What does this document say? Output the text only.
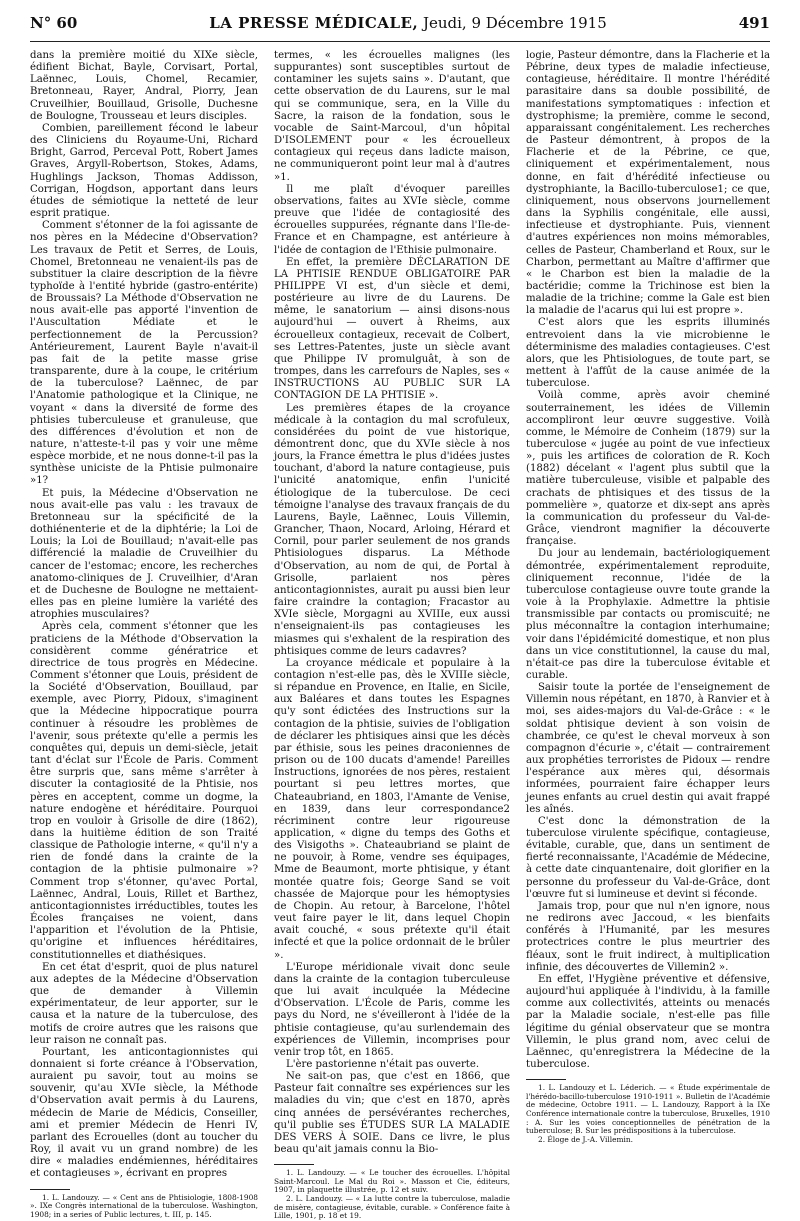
N° 60	LA PRESSE MÉDICALE, Jeudi, 9 Décembre 1915	491

dans la première moitié du XIXe siècle, édifient Bichat, Bayle, Corvisart, Portal, Laënnec, Louis, Chomel, Recamier, Bretonneau, Rayer, Andral, Piorry, Jean Cruveilhier, Bouillaud, Grisolle, Duchesne de Boulogne, Trousseau et leurs disciples.

Combien, pareillement fécond le labeur des Cliniciens du Royaume-Uni, Richard Bright, Garrod, Perceval Pott, Robert James Graves, Argyll-Robertson, Stokes, Adams, Hughlings Jackson, Thomas Addisson, Corrigan, Hogdson, apportant dans leurs études de sémiotique la netteté de leur esprit pratique.

Comment s'étonner de la foi agissante de nos pères en la Médecine d'Observation? Les travaux de Petit et Serres, de Louis, Chomel, Bretonneau ne venaient-ils pas de substituer la claire description de la fièvre typhoïde à l'entité hybride (gastro-entérite) de Broussais? La Méthode d'Observation ne nous avait-elle pas apporté l'invention de l'Auscultation Médiate et le perfectionnement de la Percussion? Antérieurement, Laurent Bayle n'avait-il pas fait de la petite masse grise transparente, dure à la coupe, le critérium de la tuberculose? Laënnec, de par l'Anatomie pathologique et la Clinique, ne voyant « dans la diversité de forme des phtisies tuberculeuse et granuleuse, que des différences d'évolution et non de nature, n'atteste-t-il pas y voir une même espèce morbide, et ne nous donne-t-il pas la synthèse uniciste de la Phtisie pulmonaire »1?

Et puis, la Médecine d'Observation ne nous avait-elle pas valu : les travaux de Bretonneau sur la spécificité de la dothiénenterie et de la diphtérie; la Loi de Louis; la Loi de Bouillaud; n'avait-elle pas différencié la maladie de Cruveilhier du cancer de l'estomac; encore, les recherches anatomo-cliniques de J. Cruveilhier, d'Aran et de Duchesne de Boulogne ne mettaient-elles pas en pleine lumière la variété des atrophies musculaires?

Après cela, comment s'étonner que les praticiens de la Méthode d'Observation la considèrent comme génératrice et directrice de tous progrès en Médecine. Comment s'étonner que Louis, président de la Société d'Observation, Bouillaud, par exemple, avec Piorry, Pidoux, s'imaginent que la Médecine hippocratique pourra continuer à résoudre les problèmes de l'avenir, sous prétexte qu'elle a permis les conquêtes qui, depuis un demi-siècle, jetait tant d'éclat sur l'École de Paris. Comment être surpris que, sans même s'arrêter à discuter la contagiosité de la Phtisie, nos pères en acceptent, comme un dogme, la nature endogène et héréditaire. Pourquoi trop en vouloir à Grisolle de dire (1862), dans la huitième édition de son Traité classique de Pathologie interne, « qu'il n'y a rien de fondé dans la crainte de la contagion de la phtisie pulmonaire »? Comment trop s'étonner, qu'avec Portal, Laënnec, Andral, Louis, Rillet et Barthez, anticontagionnistes irréductibles, toutes les Écoles françaises ne voient, dans l'apparition et l'évolution de la Phtisie, qu'origine et influences héréditaires, constitutionnelles et diathésiques.

En cet état d'esprit, quoi de plus naturel aux adeptes de la Médecine d'Observation que de demander à Villemin expérimentateur, de leur apporter, sur le causa et la nature de la tuberculose, des motifs de croire autres que les raisons que leur raison ne connaît pas.

Pourtant, les anticontagionnistes qui donnaient si forte créance à l'Observation, auraient pu savoir, tout au moins se souvenir, qu'au XVIe siècle, la Méthode d'Observation avait permis à du Laurens, médecin de Marie de Médicis, Conseiller, ami et premier Médecin de Henri IV, parlant des Ecrouelles (dont au toucher du Roy, il avait vu un grand nombre) de les dire « maladies endémiennes, héréditaires et contagieuses », écrivant en propres

1. L. Landouzy. — « Cent ans de Phtisiologie, 1808-1908 ». IXe Congrès international de la tuberculose. Washington, 1908; in a series of Public lectures, t. III, p. 145.

termes, « les écrouelles malignes (les suppurantes) sont susceptibles surtout de contaminer les sujets sains ». D'autant, que cette observation de du Laurens, sur le mal qui se communique, sera, en la Ville du Sacre, la raison de la fondation, sous le vocable de Saint-Marcoul, d'un hôpital D'ISOLEMENT pour « les écrouelleux contagieux qui reçeus dans ladicte maison, ne communiqueront point leur mal à d'autres »1.

Il me plaît d'évoquer pareilles observations, faites au XVIe siècle, comme preuve que l'idée de contagiosité des écrouelles suppurées, régnante dans l'Ile-de-France et en Champagne, est antérieure à l'idée de contagion de l'Ethisie pulmonaire.

En effet, la première DÉCLARATION DE LA PHTISIE RENDUE OBLIGATOIRE PAR PHILIPPE VI est, d'un siècle et demi, postérieure au livre de du Laurens. De même, le sanatorium — ainsi disons-nous aujourd'hui — ouvert à Rheims, aux écrouelleux contagieux, recevait de Colbert, ses Lettres-Patentes, juste un siècle avant que Philippe IV promulguât, à son de trompes, dans les carrefours de Naples, ses « INSTRUCTIONS AU PUBLIC SUR LA CONTAGION DE LA PHTISIE ».

Les premières étapes de la croyance médicale à la contagion du mal scrofuleux, considérées du point de vue historique, démontrent donc, que du XVIe siècle à nos jours, la France émettra le plus d'idées justes touchant, d'abord la nature contagieuse, puis l'unicité anatomique, enfin l'unicité étiologique de la tuberculose. De ceci témoigne l'analyse des travaux français de du Laurens, Bayle, Laënnec, Louis Villemin, Grancher, Thaon, Nocard, Arloing, Hérard et Cornil, pour parler seulement de nos grands Phtisiologues disparus. La Méthode d'Observation, au nom de qui, de Portal à Grisolle, parlaient nos pères anticontagionnistes, aurait pu aussi bien leur faire craindre la contagion; Fracastor au XVIe siècle, Morgagni au XVIIIe, eux aussi n'enseignaient-ils pas contagieuses les miasmes qui s'exhalent de la respiration des phtisiques comme de leurs cadavres?

La croyance médicale et populaire à la contagion n'est-elle pas, dès le XVIIIe siècle, si répandue en Provence, en Italie, en Sicile, aux Baléares et dans toutes les Espagnes qu'y sont édictées des Instructions sur la contagion de la phtisie, suivies de l'obligation de déclarer les phtisiques ainsi que les décès par éthisie, sous les peines draconiennes de prison ou de 100 ducats d'amende! Pareilles Instructions, ignorées de nos pères, restaient pourtant si peu lettres mortes, que Chateaubriand, en 1803, l'Amante de Venise, en 1839, dans leur correspondance2 récriminent contre leur rigoureuse application, « digne du temps des Goths et des Visigoths ». Chateaubriand se plaint de ne pouvoir, à Rome, vendre ses équipages, Mme de Beaumont, morte phtisique, y étant montée quatre fois; George Sand se voit chassée de Majorque pour les hémoptysies de Chopin. Au retour, à Barcelone, l'hôtel veut faire payer le lit, dans lequel Chopin avait couché, « sous prétexte qu'il était infecté et que la police ordonnait de le brûler ».

L'Europe méridionale vivait donc seule dans la crainte de la contagion tuberculeuse que lui avait inculquée la Médecine d'Observation. L'École de Paris, comme les pays du Nord, ne s'éveilleront à l'idée de la phtisie contagieuse, qu'au surlendemain des expériences de Villemin, incomprises pour venir trop tôt, en 1865.

L'ère pastorienne n'était pas ouverte.

Ne sait-on pas, que c'est en 1866, que Pasteur fait connaître ses expériences sur les maladies du vin; que c'est en 1870, après cinq années de persévérantes recherches, qu'il publie ses ÉTUDES SUR LA MALADIE DES VERS À SOIE. Dans ce livre, le plus beau qu'ait jamais connu la Bio-

1. L. Landouzy. — « Le toucher des écrouelles. L'hôpital Saint-Marcoul. Le Mal du Roi ». Masson et Cie, éditeurs, 1907, in plaquette illustrée, p. 12 et suiv.

2. L. Landouzy. — « La lutte contre la tuberculose, maladie de misère, contagieuse, évitable, curable. » Conférence faite à Lille, 1901, p. 18 et 19.

logie, Pasteur démontre, dans la Flacherie et la Pébrine, deux types de maladie infectieuse, contagieuse, héréditaire. Il montre l'hérédité parasitaire dans sa double possibilité, de manifestations symptomatiques : infection et dystrophisme; la première, comme le second, apparaissant congénitalement. Les recherches de Pasteur démontrent, à propos de la Flacherie et de la Pébrine, ce que, cliniquement et expérimentalement, nous donne, en fait d'hérédité infectieuse ou dystrophiante, la Bacillo-tuberculose1; ce que, cliniquement, nous observons journellement dans la Syphilis congénitale, elle aussi, infectieuse et dystrophiante. Puis, viennent d'autres expériences non moins mémorables, celles de Pasteur, Chamberland et Roux, sur le Charbon, permettant au Maître d'affirmer que « le Charbon est bien la maladie de la bactéridie; comme la Trichinose est bien la maladie de la trichine; comme la Gale est bien la maladie de l'acarus qui lui est propre ».

C'est alors que les esprits illuminés entrevoient dans la vie microbienne le déterminisme des maladies contagieuses. C'est alors, que les Phtisiologues, de toute part, se mettent à l'affût de la cause animée de la tuberculose.

Voilà comme, après avoir cheminé souterrainement, les idées de Villemin accompliront leur œuvre suggestive. Voilà comme, le Mémoire de Conheim (1879) sur la tuberculose « jugée au point de vue infectieux », puis les artifices de coloration de R. Koch (1882) décelant « l'agent plus subtil que la matière tuberculeuse, visible et palpable des crachats de phtisiques et des tissus de la pommelière », quatorze et dix-sept ans après la communication du professeur du Val-de-Grâce, viendront magnifier la découverte française.

Du jour au lendemain, bactériologiquement démontrée, expérimentalement reproduite, cliniquement reconnue, l'idée de la tuberculose contagieuse ouvre toute grande la voie à la Prophylaxie. Admettre la phtisie transmissible par contacts ou promiscuité; ne plus méconnaître la contagion interhumaine; voir dans l'épidémicité domestique, et non plus dans un vice constitutionnel, la cause du mal, n'était-ce pas dire la tuberculose évitable et curable.

Saisir toute la portée de l'enseignement de Villemin nous répétant, en 1870, à Ranvier et à moi, ses aides-majors du Val-de-Grâce : « le soldat phtisique devient à son voisin de chambrée, ce qu'est le cheval morveux à son compagnon d'écurie », c'était — contrairement aux prophéties terroristes de Pidoux — rendre l'espérance aux mères qui, désormais informées, pourraient faire échapper leurs jeunes enfants au cruel destin qui avait frappé les aînés.

C'est donc la démonstration de la tuberculose virulente spécifique, contagieuse, évitable, curable, que, dans un sentiment de fierté reconnaissante, l'Académie de Médecine, à cette date cinquantenaire, doit glorifier en la personne du professeur du Val-de-Grâce, dont l'œuvre fut si lumineuse et devint si féconde.

Jamais trop, pour que nul n'en ignore, nous ne redirons avec Jaccoud, « les bienfaits conférés à l'Humanité, par les mesures protectrices contre le plus meurtrier des fléaux, sont le fruit indirect, à multiplication infinie, des découvertes de Villemin2 ».

En effet, l'Hygiène préventive et défensive, aujourd'hui appliquée à l'individu, à la famille comme aux collectivités, atteints ou menacés par la Maladie sociale, n'est-elle pas fille légitime du génial observateur que se montra Villemin, le plus grand nom, avec celui de Laënnec, qu'enregistrera la Médecine de la tuberculose.

1. L. Landouzy et L. Léderich. — « Étude expérimentale de l'hérédo-bacillo-tuberculose 1910-1911 ». Bulletin de l'Académie de médecine, Octobre 1911. — L. Landouzy, Rapport à la IXe Conférence internationale contre la tuberculose, Bruxelles, 1910 : A. Sur les voies conceptionnelles de pénétration de la tuberculose; B. Sur les prédispositions à la tuberculose.

2. Éloge de J.-A. Villemin.
